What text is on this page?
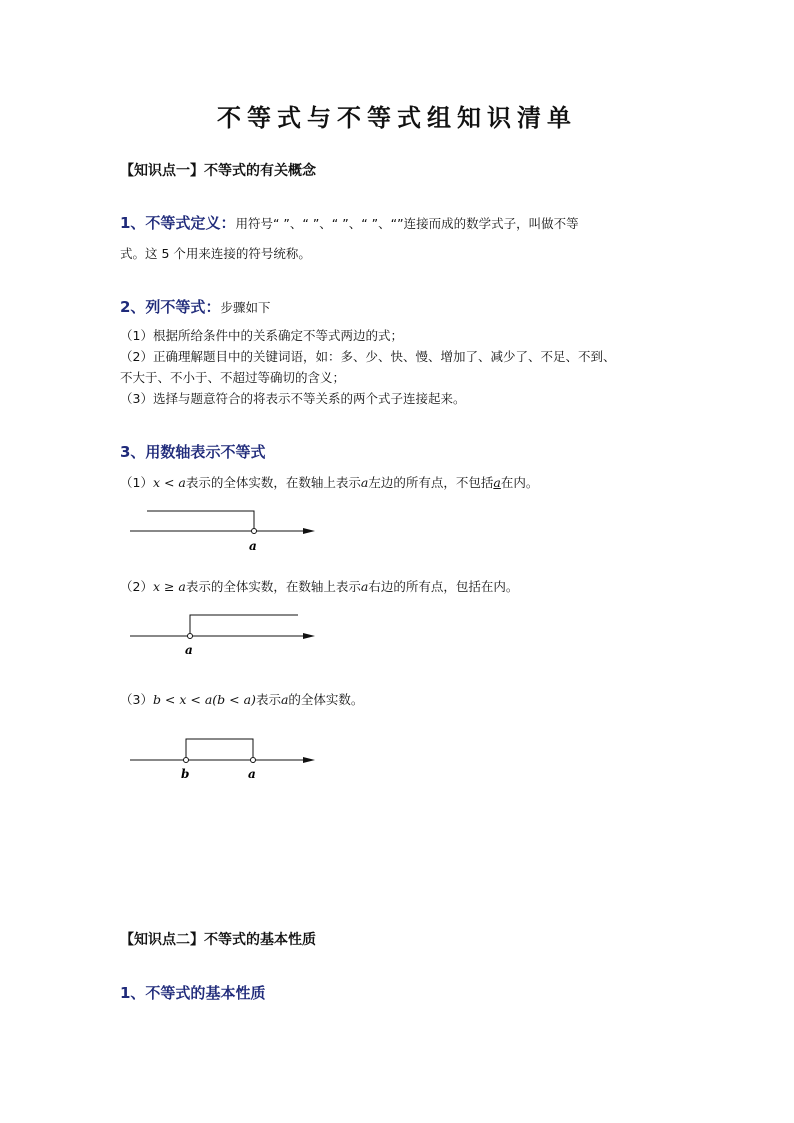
不等式与不等式组知识清单
【知识点一】不等式的有关概念
1、不等式定义：用符号“ ”、“ ”、“ ”、“ ”、“”连接而成的数学式子，叫做不等
式。这 5 个用来连接的符号统称。
2、列不等式：步骤如下
（1）根据所给条件中的关系确定不等式两边的式；
（2）正确理解题目中的关键词语，如：多、少、快、慢、增加了、减少了、不足、不到、
不大于、不小于、不超过等确切的含义；
（3）选择与题意符合的将表示不等关系的两个式子连接起来。
3、用数轴表示不等式
（1）x < a表示的全体实数，在数轴上表示a左边的所有点，不包括a在内。
a
（2）x ≥ a表示的全体实数，在数轴上表示a右边的所有点，包括在内。
a
（3）b < x < a(b < a)表示a的全体实数。
b	a
【知识点二】不等式的基本性质
1、不等式的基本性质
